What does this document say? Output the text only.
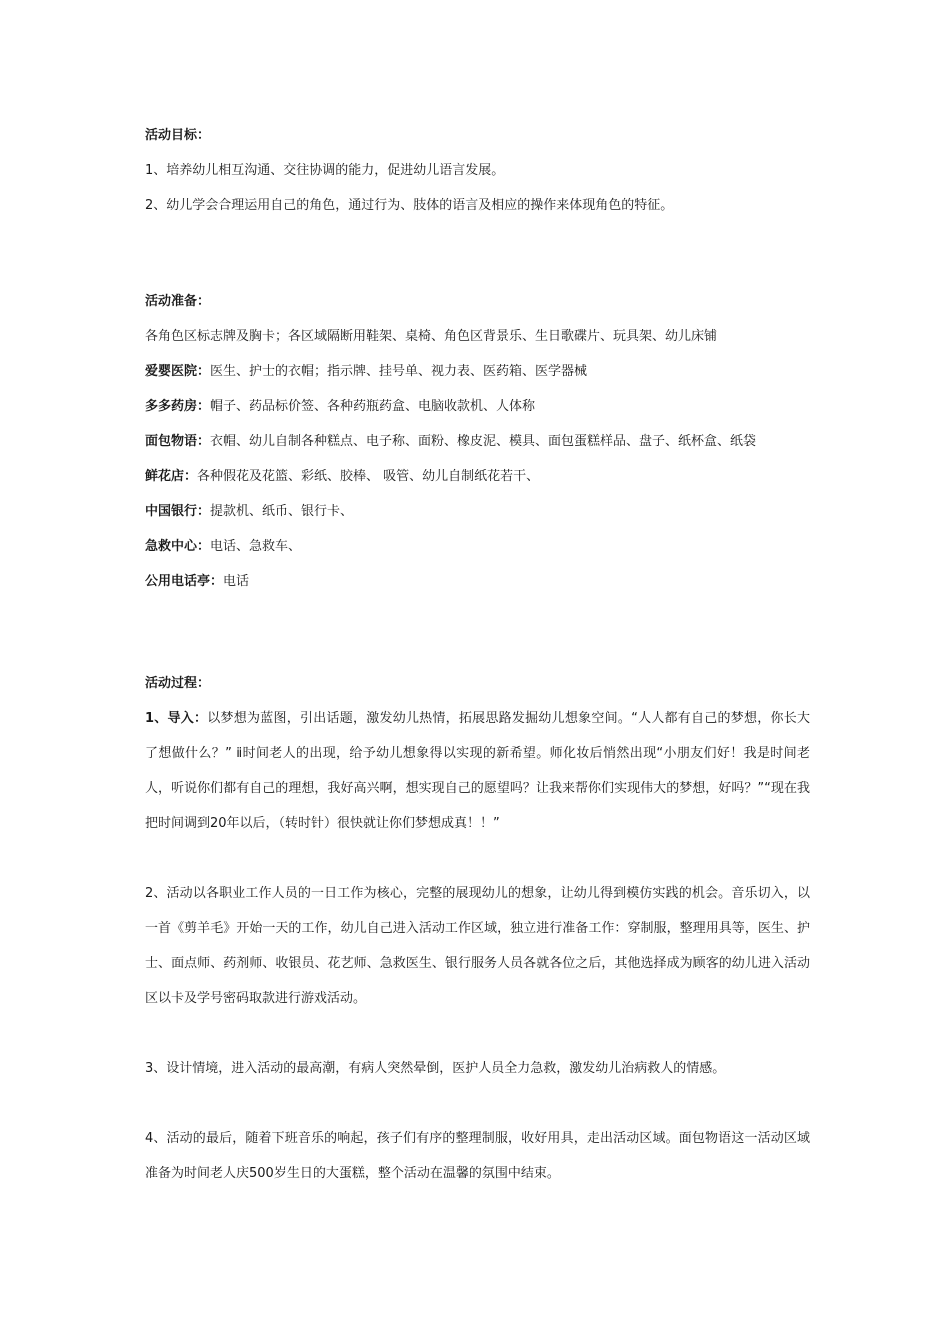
活动目标：
1、培养幼儿相互沟通、交往协调的能力，促进幼儿语言发展。
2、幼儿学会合理运用自己的角色，通过行为、肢体的语言及相应的操作来体现角色的特征。
活动准备：
各角色区标志牌及胸卡；各区域隔断用鞋架、桌椅、角色区背景乐、生日歌碟片、玩具架、幼儿床铺
爱婴医院：医生、护士的衣帽；指示牌、挂号单、视力表、医药箱、医学器械
多多药房：帽子、药品标价签、各种药瓶药盒、电脑收款机、人体称
面包物语：衣帽、幼儿自制各种糕点、电子称、面粉、橡皮泥、模具、面包蛋糕样品、盘子、纸杯盒、纸袋
鲜花店：各种假花及花篮、彩纸、胶棒、 吸管、幼儿自制纸花若干、
中国银行：提款机、纸币、银行卡、
急救中心：电话、急救车、
公用电话亭：电话
活动过程：
1、导入：以梦想为蓝图，引出话题，激发幼儿热情，拓展思路发掘幼儿想象空间。“人人都有自己的梦想，你长大了想做什么？” ⅱ时间老人的出现，给予幼儿想象得以实现的新希望。师化妆后悄然出现“小朋友们好！我是时间老人，听说你们都有自己的理想，我好高兴啊，想实现自己的愿望吗？让我来帮你们实现伟大的梦想，好吗？”“现在我把时间调到20年以后，（转时针）很快就让你们梦想成真！！”
2、活动以各职业工作人员的一日工作为核心，完整的展现幼儿的想象，让幼儿得到模仿实践的机会。音乐切入，以一首《剪羊毛》开始一天的工作，幼儿自己进入活动工作区域，独立进行准备工作：穿制服，整理用具等，医生、护士、面点师、药剂师、收银员、花艺师、急救医生、银行服务人员各就各位之后，其他选择成为顾客的幼儿进入活动区以卡及学号密码取款进行游戏活动。
3、设计情境，进入活动的最高潮，有病人突然晕倒，医护人员全力急救，激发幼儿治病救人的情感。
4、活动的最后，随着下班音乐的响起，孩子们有序的整理制服，收好用具，走出活动区域。面包物语这一活动区域准备为时间老人庆500岁生日的大蛋糕，整个活动在温馨的氛围中结束。
